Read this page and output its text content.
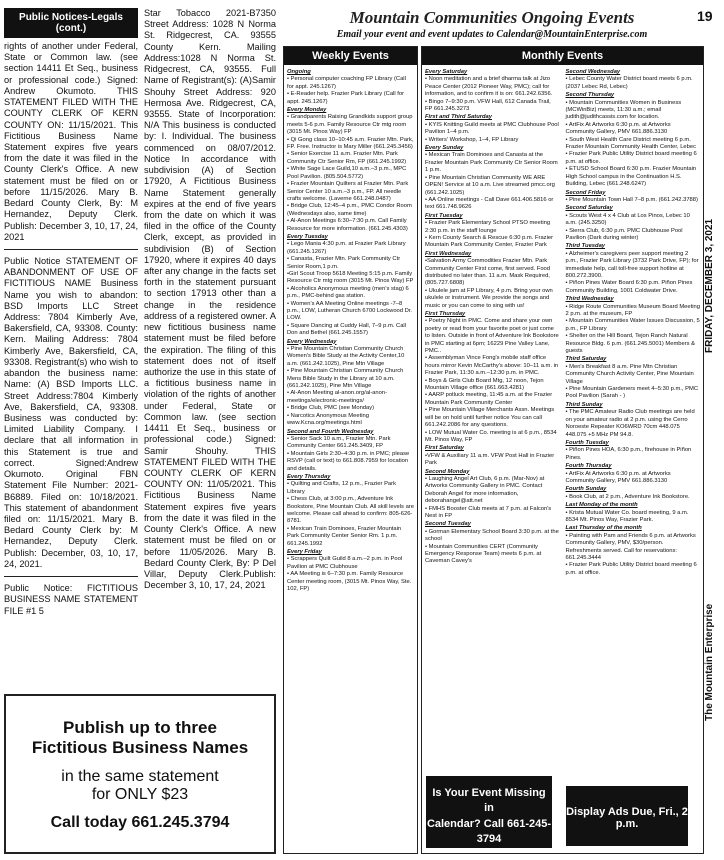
Public Notices-Legals (cont.)
rights of another under Federal, State or Common law. (see section 14411 Et Seq., business or professional code.) Signed: Andrew Okumoto. THIS STATEMENT FILED WITH THE COUNTY CLERK OF KERN COUNTY ON: 11/15/2021. This Fictitious Business Name Statement expires five years from the date it was filed in the County Clerk's Office. A new statement must be filed on or before 11/15/2026. Mary B. Bedard County Clerk, By: M Hernandez, Deputy Clerk. Publish: December 3, 10, 17, 24, 2021
Public Notice STATEMENT OF ABANDONMENT OF USE OF FICTITIOUS NAME Business Name you wish to abandon: BSD Imports LLC Street Address: 7804 Kimberly Ave, Bakersfield, CA, 93308. County: Kern. Mailing Address: 7804 Kimberly Ave, Bakersfield, CA, 93308. Registrant(s) who wish to abandon the business name: Name: (A) BSD Imports LLC. Street Address:7804 Kimberly Ave, Bakersfield, CA, 93308. Business was conducted by: Limited Liability Company. I declare that all information in this Statement is true and correct. Signed:Andrew Okumoto. Original FBN Statement File Number: 2021-B6889. Filed on: 10/18/2021. This statement of abandonment filed on: 11/15/2021. Mary B. Bedard County Clerk by: M Hernandez, Deputy Clerk. Publish: December, 03, 10, 17, 24, 2021.
Public Notice: FICTITIOUS BUSINESS NAME STATEMENT FILE #1 5
Star Tobacco 2021-B7350 Street Address: 1028 N Norma St. Ridgecrest, CA. 93555 County Kern. Mailing Address:1028 N Norma St. Ridgecrest, CA, 93555. Full Name of Registrant(s): (A)Samir Shouhy Street Address: 920 Hermosa Ave. Ridgecrest, CA, 93555. State of Incorporation: N/A This business is conducted by: I. Individual. The business commenced on 08/07/2012. Notice In accordance with subdivision (A) of Section 17920, A Fictitious Business Name Statement generally expires at the end of five years from the date on which it was filed in the office of the County Clerk, except, as provided in subdivision (B) of Section 17920, where it expires 40 days after any change in the facts set forth in the statement pursuant to section 17913 other than a change in the residence address of a registered owner. A new fictitious business name statement must be filed before the expiration. The filing of this statement does not of itself authorize the use in this state of a fictitious business name in violation of the rights of another under Federal, State or Common law. (see section 14411 Et Seq., business or professional code.) Signed: Samir Shouhy. THIS STATEMENT FILED WITH THE COUNTY CLERK OF KERN COUNTY ON: 11/05/2021. This Fictitious Business Name Statement expires five years from the date it was filed in the County Clerk's Office. A new statement must be filed on or before 11/05/2026. Mary B. Bedard County Clerk, By: P Del Villar, Deputy Clerk.Publish: December 3, 10, 17, 24, 2021
Publish up to three
Fictitious Business Names
in the same statement
for ONLY $23
Call today 661.245.3794
Mountain Communities Ongoing Events
Email your event and event updates to Calendar@MountainEnterprise.com
19
The Mountain Enterprise FRIDAY, DECEMBER 3, 2021
Weekly Events
Ongoing
• Personal computer coaching FP Library (Call for appt. 245.1267)
• E-Reader help. Frazier Park Library (Call for appt. 245.1267)
Every Monday
• Grandparents Raising Grandkids support group meets 5-6 p.m. Family Resource Ctr mtg room (3015 Mt. Pinos Way) FP
• Qi Gong class 10–10:45 a.m. Frazier Mtn. Park, FP. Free. Instructor is Mary Miller (661.245.3456)
• Senior Exercise 11 a.m. Frazier Mtn. Park Community Ctr Senior Rm, FP (661.245.1992)
• White Sage Lace Guild,10 a.m.–3 p.m., MPC Pool Pavilion. (805.504.5772)
• Frazier Mountain Quilters at Frazier Mtn. Park Senior Center 10 a.m.–3 p.m., FP. All needle crafts welcome. (Laverne 661.248.0487)
• Bridge Club, 12:45–4 p.m., PMC Condor Room (Wednesdays also, same time)
• Al-Anon Meetings 6:30–7:30 p.m. Call Family Resource for more information. (661.245.4303)
Every Tuesday
• Lego Mania 4:30 p.m. at Frazier Park Library (661.245.1267)
• Canasta, Frazier Mtn. Park Community Ctr Senior Room,1 p.m.
•Girl Scout Troop 5618 Meeting 5:15 p.m. Family Resource Ctr mtg room (3015 Mt. Pinos Way) FP
• Alcoholics Anonymous meeting (men's stag) 6 p.m., PMC-behind gas station.
• Women's AA Meeting Online meetings -7–8 p.m., LOW, Lutheran Church 6700 Lockwood Dr. LOW.
• Square Dancing at Cuddy Hall, 7–9 p.m. Call Don and Bethel (661.245.1557)
Every Wednesday
• Pine Mountain Christian Community Church Women's Bible Study at the Activity Center,10 a.m. (661.242.1025), Pine Mtn Village
• Pine Mountain Christian Community Church Mens Bible Study in the Library at 10 a.m. (661.242.1025), Pine Mtn Village
• Al-Anon Meeting al-anon.org/al-anon-meetings/electronic-meetings/
• Bridge Club, PMC (see Monday)
• Narcotics Anonymous Meeting www.Kcna.org/meetings.html
Second and Fourth Wednesday
• Senior Sack 10 a.m., Frazier Mtn. Park Community Center 661.245.3409, FP
• Mountain Girls 2:30–4:30 p.m. in PMC; please RSVP (call or text) to 661.808.7959 for location and details.
Every Thursday
• Quilting and Crafts, 12 p.m., Frazier Park Library
• Chess Club, at 3:00 p.m., Adventure Ink Bookstore, Pine Mountain Club. All skill levels are welcome. Please call ahead to confirm: 805-626-8781.
• Mexican Train Dominoes, Frazier Mountain Park Community Center Senior Rm. 1 p.m. 661.245.1992
Every Friday
• Scrappers Quilt Guild 8 a.m.–2 p.m. in Pool Pavilion at PMC Clubhouse
• AA Meeting is 6–7:30 p.m. Family Resource Center meeting room, (3015 Mt. Pinos Way, Ste. 102, FP)
Monthly Events
Every Saturday
• Noon meditation and a brief dharma talk at Jizo Peace Center (2012 Pioneer Way, PMC); call for information, and to confirm it is on: 661.242.6356.
• Bingo 7–9:30 p.m. VFW Hall, 612 Canada Trail, FP 661.245.3273
First and Third Saturday
• KYIS Knitting Guild meets at PMC Clubhouse Pool Pavilion 1–4 p.m.
• Writers' Workshop, 1–4, FP Library
Every Sunday
• Mexican Train Dominoes and Canasta at the Frazier Mountain Park Community Ctr Senior Room 1 p.m.
• Pine Mountain Christian Community WE ARE OPEN! Service at 10 a.m. Live streamed pmcc.org (661.242.1025)
• AA Online meetings - Call Dave 661.406.5816 or text 661.748.9626
First Tuesday
• Frazier Park Elementary School PTSO meeting 2:30 p.m. in the staff lounge
• Kern County Search & Rescue 6:30 p.m. Frazier Mountain Park Community Center, Frazier Park
First Wednesday
•Salvation Army Commodities Frazier Mtn. Park Community Center First come, first served. Food distributed no later than. 11 a.m. Mask Required, (805.727.6808)
• Ukulele jam at FP Library, 4 p.m. Bring your own ukulele or instrument. We provide the songs and music or you can come to sing with us!
First Thursday
• Poetry Night in PMC. Come and share your own poetry or read from your favorite poet or just come to listen. Outside in front of Adventure Ink Bookstore in PMC starting at 6pm; 16229 Pine Valley Lane, PMC..
• Assemblyman Vince Fong's mobile staff office hours mirror Kevin McCarthy's above: 10–11 a.m. in Frazier Park, 11:30 a.m.–12:30 p.m. in PMC.
• Boys & Girls Club Board Mtg, 12 noon, Tejon Mountain Village office (661.663.4281)
• AARP potluck meeting, 11:45 a.m. at the Frazier Mountain Park Community Center
• Pine Mountain Village Merchants Assn. Meetings will be on hold until further notice You can call 661.242.2086 for any questions.
• LOW Mutual Water Co. meeting is at 6 p.m., 8534 Mt. Pinos Way, FP
First Saturday
•VFW & Auxiliary 11 a.m. VFW Post Hall in Frazier Park
Second Monday
• Laughing Angel Art Club, 6 p.m. (Mar-Nov) at Artworks Community Gallery in PMC. Contact Deborah Angel for more information, deborahangel@att.net
• FMHS Booster Club meets at 7 p.m. at Falcon's Nest in FP
Second Tuesday
• Gorman Elementary School Board 3:30 p.m. at the school
• Mountain Communities CERT (Community Emergency Response Team) meets 6 p.m. at Caveman Cavey's
Second Wednesday
• Lebec County Water District board meets 6 p.m. (2037 Lebec Rd, Lebec)
Second Thursday
• Mountain Communities Women in Business (MCWinBiz) meets, 11:30 a.m.; email judith@judithcassis.com for location.
• ArtFix At Artworks 6:30 p.m. at Artworks Community Gallery, PMV 661.886.3130
• South West Health Care District meeting 6 p.m. Frazier Mountain Community Health Center, Lebec
• Frazier Park Public Utility District board meeting 6 p.m. at office.
• ETUSD School Board 6:30 p.m. Frazier Mountain High School campus in the Continuation H.S. Building, Lebec (661.248.6247)
Second Friday
• Pine Mountain Town Hall 7–8 p.m. (661.242.3788)
Second Saturday
• Scouts West 4 x 4 Club at Los Pinos, Lebec 10 a.m. (245.3250)
• Sierra Club, 6:30 p.m. PMC Clubhouse Pool Pavilion (Dark during winter)
Third Tuesday
• Alzheimer's caregivers peer support meeting 2 p.m., Frazier Park Library (3732 Park Drive, FP); for immediate help, call toll-free support hotline at 800.272.3900.
• Piñon Pines Water Board 6:30 p.m. Piñon Pines Community Building, 1001 Coldwater Drive.
Third Wednesday
• Ridge Route Communities Museum Board Meeting 2 p.m. at the museum, FP
• Mountain Communities Water Issues Discussion, 5 p.m., FP Library
• Shelter on the Hill Board, Tejon Ranch Natural Resource Bldg. 6 p.m. (661.245.5001) Members & guests
Third Saturday
• Men's Breakfast 8 a.m. Pine Mtn Christian Community Church Activity Center, Pine Mountain Village
• Pine Mountain Gardeners meet 4–5:30 p.m., PMC Pool Pavilion (Sarah - )
Third Sunday
• The PMC Amateur Radio Club meetings are held on your amateur radio at 2 p.m. using the Cerro Noroeste Repeater KO6WRD 70cm 448.075 448.075 +5 MHz PM 94.8.
Fourth Tuesday
• Piñon Pines HOA, 6:30 p.m., firehouse in Piñon Pines.
Fourth Thursday
• ArtFix At Artworks 6:30 p.m. at Artworks Community Gallery, PMV 661.886.3130
Fourth Sunday
• Book Club, at 2 p.m., Adventure Ink Bookstore.
Last Monday of the month
• Krista Mutual Water Co. board meeting, 9 a.m. 8534 Mt. Pinos Way, Frazier Park.
Last Thursday of the month
• Painting with Pam and Friends 6 p.m. at Artworks Community Gallery, PMV, $30/person. Refreshments served. Call for reservations: 661.245.3444
• Frazier Park Public Utility District board meeting 6 p.m. at office.
Is Your Event Missing in
Calendar? Call 661-245-3794
Display Ads Due, Fri., 2 p.m.
